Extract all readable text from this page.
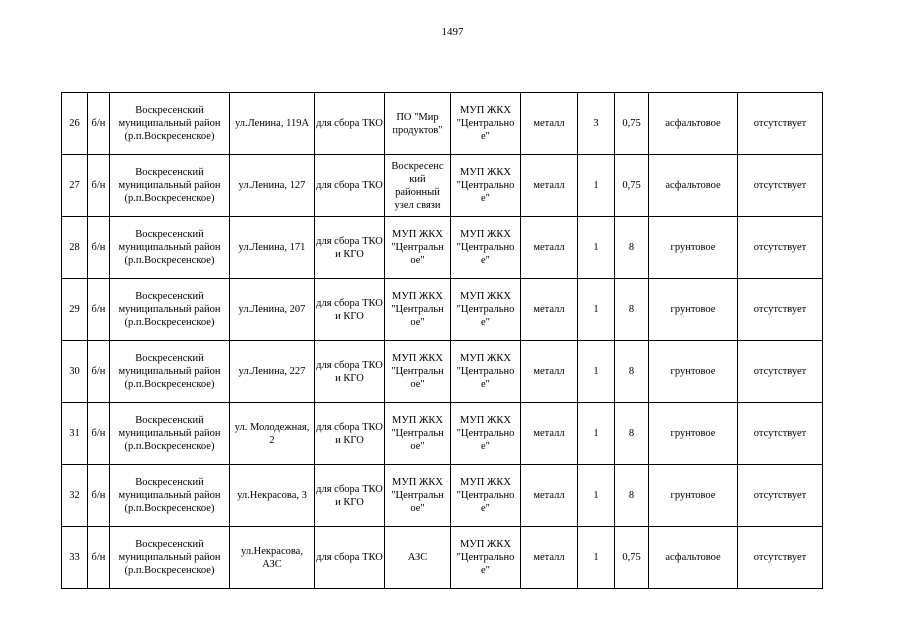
1497
26	б/н	Воскресенский муниципальный район (р.п.Воскресенское)	ул.Ленина, 119А	для сбора ТКО	ПО "Мир продуктов"	МУП ЖКХ "Центрально е"	металл	3	0,75	асфальтовое	отсутствует
27	б/н	Воскресенский муниципальный район (р.п.Воскресенское)	ул.Ленина, 127	для сбора ТКО	Воскресенс кий районный узел связи	МУП ЖКХ "Центрально е"	металл	1	0,75	асфальтовое	отсутствует
28	б/н	Воскресенский муниципальный район (р.п.Воскресенское)	ул.Ленина, 171	для сбора ТКО и КГО	МУП ЖКХ "Центральн ое"	МУП ЖКХ "Центрально е"	металл	1	8	грунтовое	отсутствует
29	б/н	Воскресенский муниципальный район (р.п.Воскресенское)	ул.Ленина, 207	для сбора ТКО и КГО	МУП ЖКХ "Центральн ое"	МУП ЖКХ "Центрально е"	металл	1	8	грунтовое	отсутствует
30	б/н	Воскресенский муниципальный район (р.п.Воскресенское)	ул.Ленина, 227	для сбора ТКО и КГО	МУП ЖКХ "Центральн ое"	МУП ЖКХ "Центрально е"	металл	1	8	грунтовое	отсутствует
31	б/н	Воскресенский муниципальный район (р.п.Воскресенское)	ул. Молодежная, 2	для сбора ТКО и КГО	МУП ЖКХ "Центральн ое"	МУП ЖКХ "Центрально е"	металл	1	8	грунтовое	отсутствует
32	б/н	Воскресенский муниципальный район (р.п.Воскресенское)	ул.Некрасова, 3	для сбора ТКО и КГО	МУП ЖКХ "Центральн ое"	МУП ЖКХ "Центрально е"	металл	1	8	грунтовое	отсутствует
33	б/н	Воскресенский муниципальный район (р.п.Воскресенское)	ул.Некрасова, АЗС	для сбора ТКО	АЗС	МУП ЖКХ "Центрально е"	металл	1	0,75	асфальтовое	отсутствует
